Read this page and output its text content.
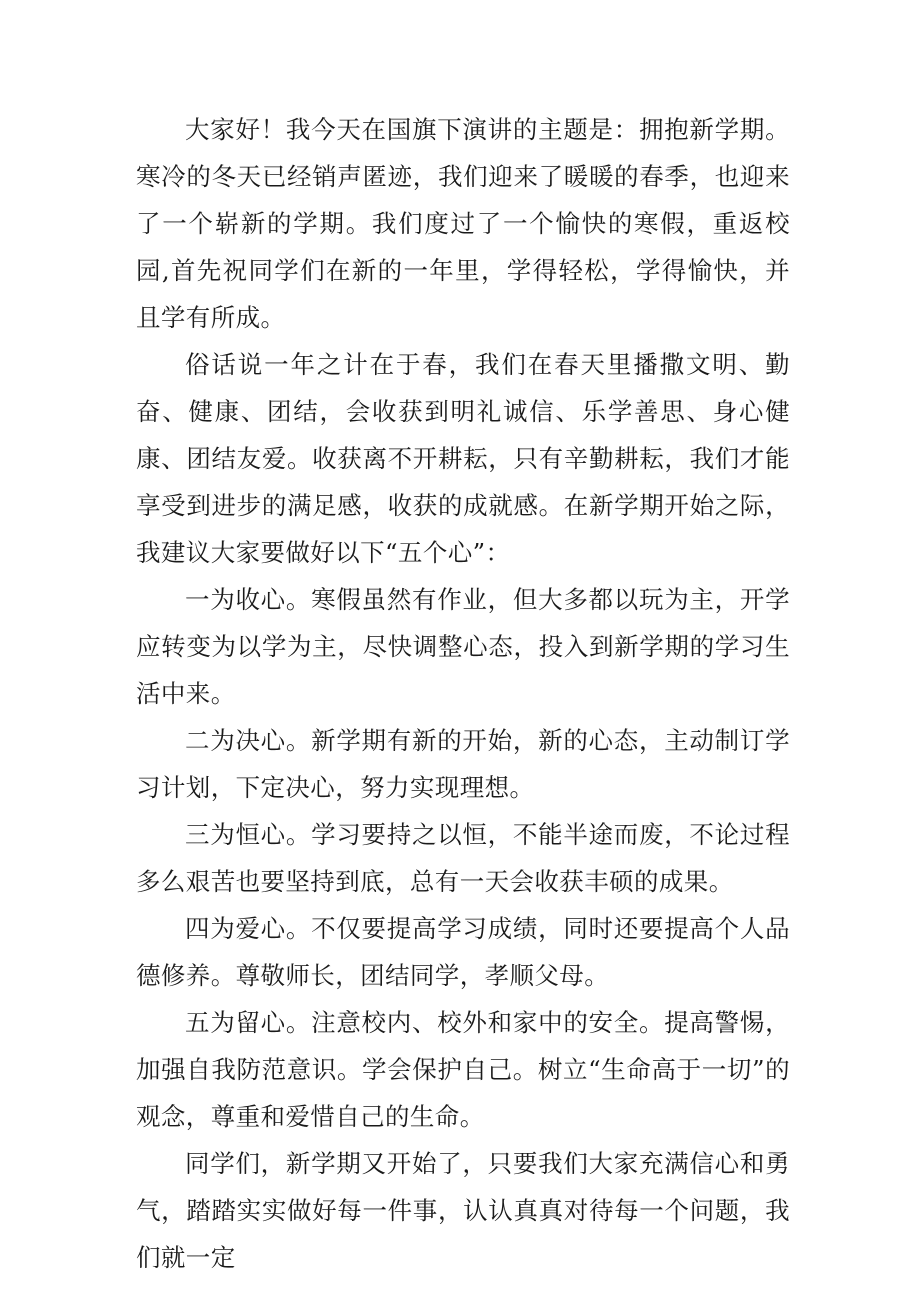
大家好！我今天在国旗下演讲的主题是：拥抱新学期。寒冷的冬天已经销声匿迹，我们迎来了暖暖的春季，也迎来了一个崭新的学期。我们度过了一个愉快的寒假，重返校园,首先祝同学们在新的一年里，学得轻松，学得愉快，并且学有所成。

俗话说一年之计在于春，我们在春天里播撒文明、勤奋、健康、团结，会收获到明礼诚信、乐学善思、身心健康、团结友爱。收获离不开耕耘，只有辛勤耕耘，我们才能享受到进步的满足感，收获的成就感。在新学期开始之际，我建议大家要做好以下“五个心”：

一为收心。寒假虽然有作业，但大多都以玩为主，开学应转变为以学为主，尽快调整心态，投入到新学期的学习生活中来。

二为决心。新学期有新的开始，新的心态，主动制订学习计划，下定决心，努力实现理想。

三为恒心。学习要持之以恒，不能半途而废，不论过程多么艰苦也要坚持到底，总有一天会收获丰硕的成果。

四为爱心。不仅要提高学习成绩，同时还要提高个人品德修养。尊敬师长，团结同学，孝顺父母。

五为留心。注意校内、校外和家中的安全。提高警惕，加强自我防范意识。学会保护自己。树立“生命高于一切”的观念，尊重和爱惜自己的生命。

同学们，新学期又开始了，只要我们大家充满信心和勇气，踏踏实实做好每一件事，认认真真对待每一个问题，我们就一定
